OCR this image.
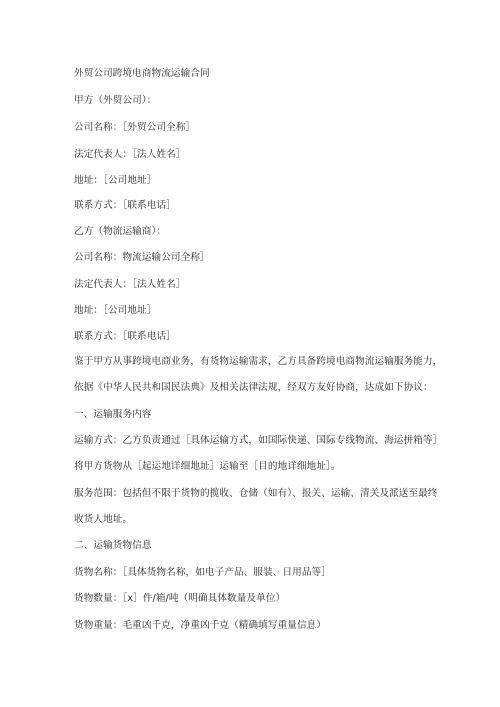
外贸公司跨境电商物流运输合同
甲方（外贸公司）：
公司名称：［外贸公司全称］
法定代表人：［法人姓名］
地址：［公司地址］
联系方式：［联系电话］
乙方（物流运输商）：
公司名称：物流运输公司全称］
法定代表人：［法人姓名］
地址：［公司地址］
联系方式：［联系电话］
鉴于甲方从事跨境电商业务，有货物运输需求，乙方具备跨境电商物流运输服务能力，
依据《中华人民共和国民法典》及相关法律法规，经双方友好协商，达成如下协议：
一、运输服务内容
运输方式：乙方负责通过［具体运输方式，如国际快递、国际专线物流、海运拼箱等］
将甲方货物从［起运地详细地址］运输至［目的地详细地址］。
服务范围：包括但不限于货物的揽收、仓储（如有）、报关、运输、清关及派送至最终
收货人地址。
二、运输货物信息
货物名称：［具体货物名称，如电子产品、服装、日用品等］
货物数量：［x］件/箱/吨（明确具体数量及单位）
货物重量：毛重凶千克，净重凶千克（精确填写重量信息）
